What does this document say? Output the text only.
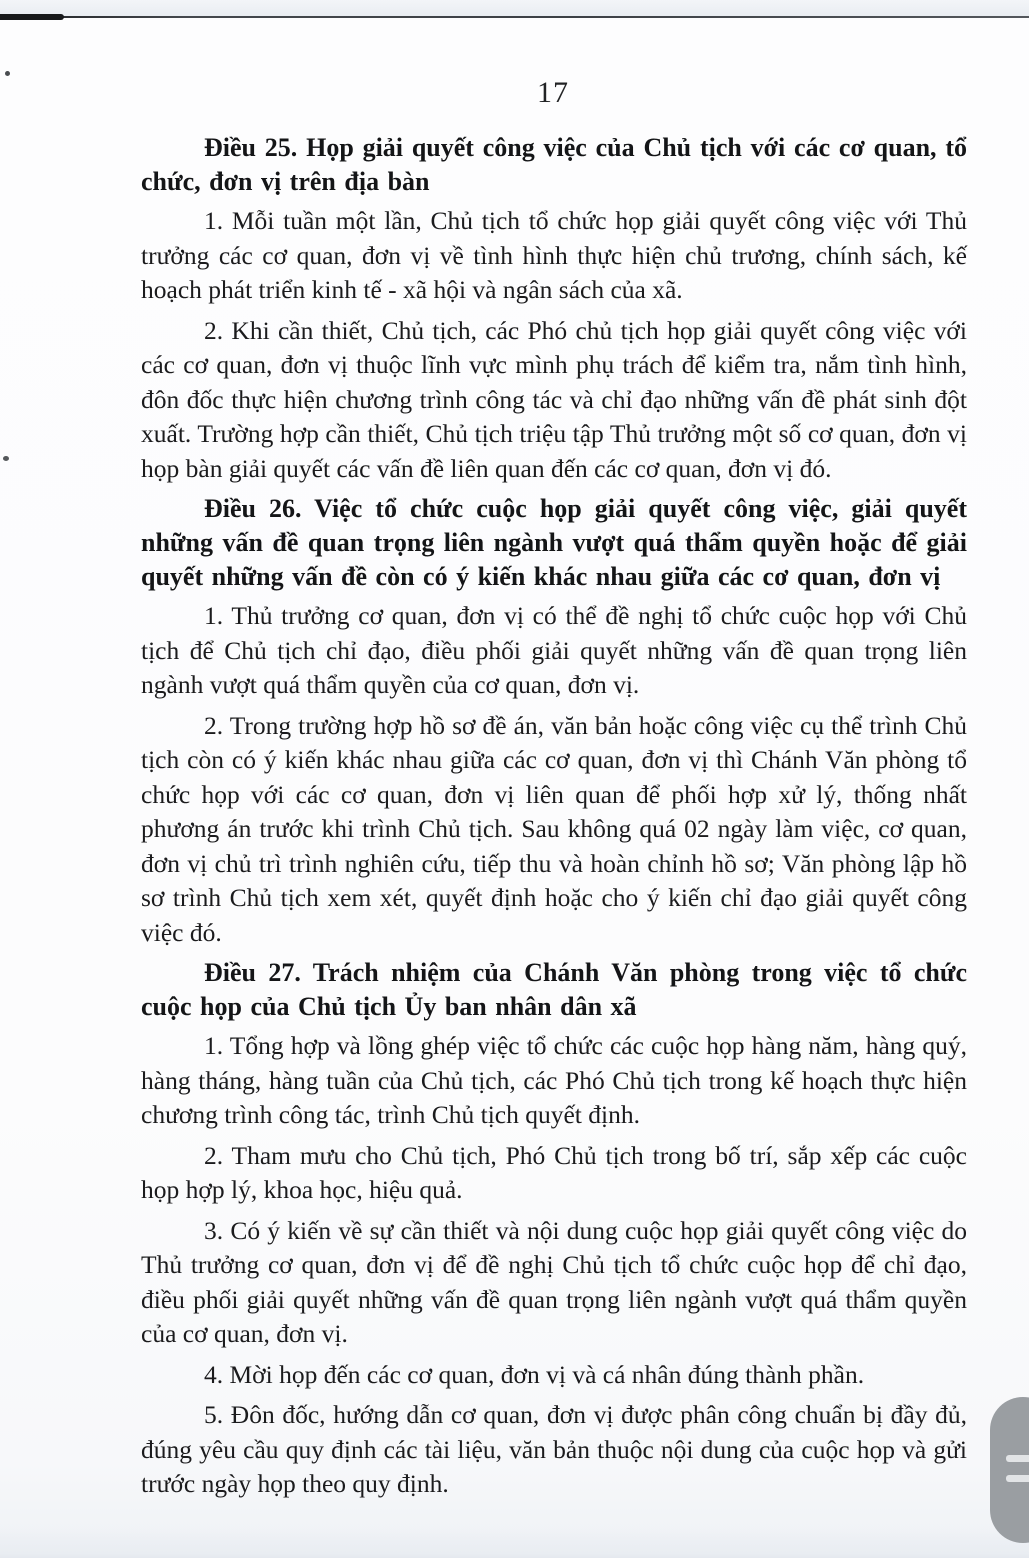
17
Điều 25. Họp giải quyết công việc của Chủ tịch với các cơ quan, tổ chức, đơn vị trên địa bàn

1. Mỗi tuần một lần, Chủ tịch tổ chức họp giải quyết công việc với Thủ trưởng các cơ quan, đơn vị về tình hình thực hiện chủ trương, chính sách, kế hoạch phát triển kinh tế - xã hội và ngân sách của xã.

2. Khi cần thiết, Chủ tịch, các Phó chủ tịch họp giải quyết công việc với các cơ quan, đơn vị thuộc lĩnh vực mình phụ trách để kiểm tra, nắm tình hình, đôn đốc thực hiện chương trình công tác và chỉ đạo những vấn đề phát sinh đột xuất. Trường hợp cần thiết, Chủ tịch triệu tập Thủ trưởng một số cơ quan, đơn vị họp bàn giải quyết các vấn đề liên quan đến các cơ quan, đơn vị đó.

Điều 26. Việc tổ chức cuộc họp giải quyết công việc, giải quyết những vấn đề quan trọng liên ngành vượt quá thẩm quyền hoặc để giải quyết những vấn đề còn có ý kiến khác nhau giữa các cơ quan, đơn vị

1. Thủ trưởng cơ quan, đơn vị có thể đề nghị tổ chức cuộc họp với Chủ tịch để Chủ tịch chỉ đạo, điều phối giải quyết những vấn đề quan trọng liên ngành vượt quá thẩm quyền của cơ quan, đơn vị.

2. Trong trường hợp hồ sơ đề án, văn bản hoặc công việc cụ thể trình Chủ tịch còn có ý kiến khác nhau giữa các cơ quan, đơn vị thì Chánh Văn phòng tổ chức họp với các cơ quan, đơn vị liên quan để phối hợp xử lý, thống nhất phương án trước khi trình Chủ tịch. Sau không quá 02 ngày làm việc, cơ quan, đơn vị chủ trì trình nghiên cứu, tiếp thu và hoàn chỉnh hồ sơ; Văn phòng lập hồ sơ trình Chủ tịch xem xét, quyết định hoặc cho ý kiến chỉ đạo giải quyết công việc đó.

Điều 27. Trách nhiệm của Chánh Văn phòng trong việc tổ chức cuộc họp của Chủ tịch Ủy ban nhân dân xã

1. Tổng hợp và lồng ghép việc tổ chức các cuộc họp hàng năm, hàng quý, hàng tháng, hàng tuần của Chủ tịch, các Phó Chủ tịch trong kế hoạch thực hiện chương trình công tác, trình Chủ tịch quyết định.

2. Tham mưu cho Chủ tịch, Phó Chủ tịch trong bố trí, sắp xếp các cuộc họp hợp lý, khoa học, hiệu quả.

3. Có ý kiến về sự cần thiết và nội dung cuộc họp giải quyết công việc do Thủ trưởng cơ quan, đơn vị để đề nghị Chủ tịch tổ chức cuộc họp để chỉ đạo, điều phối giải quyết những vấn đề quan trọng liên ngành vượt quá thẩm quyền của cơ quan, đơn vị.

4. Mời họp đến các cơ quan, đơn vị và cá nhân đúng thành phần.

5. Đôn đốc, hướng dẫn cơ quan, đơn vị được phân công chuẩn bị đầy đủ, đúng yêu cầu quy định các tài liệu, văn bản thuộc nội dung của cuộc họp và gửi trước ngày họp theo quy định.
